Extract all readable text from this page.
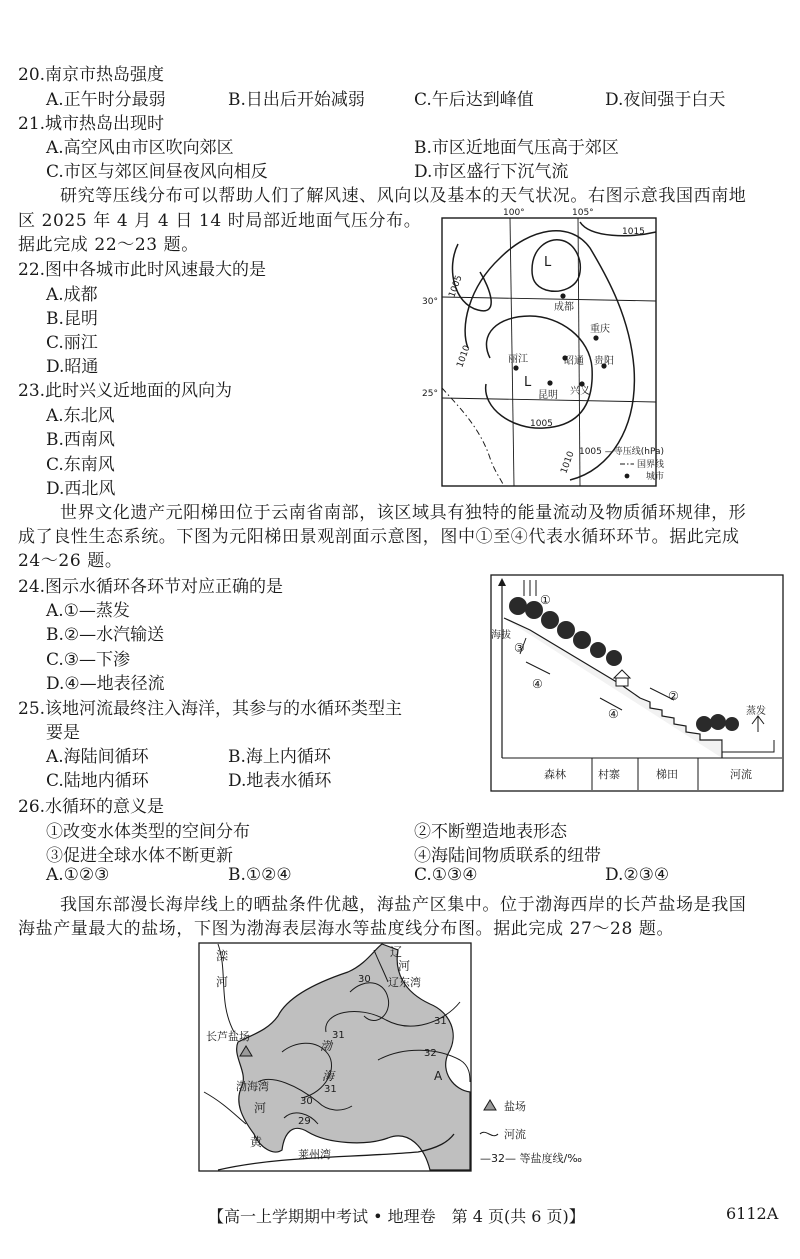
20.南京市热岛强度
A.正午时分最弱	B.日出后开始减弱	C.午后达到峰值	D.夜间强于白天
21.城市热岛出现时
A.高空风由市区吹向郊区	B.市区近地面气压高于郊区
C.市区与郊区间昼夜风向相反	D.市区盛行下沉气流
研究等压线分布可以帮助人们了解风速、风向以及基本的天气状况。右图示意我国西南地
区 2025 年 4 月 4 日 14 时局部近地面气压分布。
据此完成 22～23 题。
22.图中各城市此时风速最大的是
A.成都
B.昆明
C.丽江
D.昭通
23.此时兴义近地面的风向为
A.东北风
B.西南风
C.东南风
D.西北风
100°	105°
30°
25°
L
L
1015
1005
1010
1005
1010
成都
重庆
丽江	昭通 贵阳
昆明 兴义
1005 —等压线(hPa)
国界线
城市
世界文化遗产元阳梯田位于云南省南部，该区域具有独特的能量流动及物质循环规律，形
成了良性生态系统。下图为元阳梯田景观剖面示意图，图中①至④代表水循环环节。据此完成
24～26 题。
24.图示水循环各环节对应正确的是
A.①—蒸发
B.②—水汽输送
C.③—下渗
D.④—地表径流
25.该地河流最终注入海洋，其参与的水循环类型主
要是
A.海陆间循环	B.海上内循环
C.陆地内循环	D.地表水循环
海拔
①
③
④
②
④	蒸发
森林	村寨	梯田	河流
26.水循环的意义是
①改变水体类型的空间分布	②不断塑造地表形态
③促进全球水体不断更新	④海陆间物质联系的纽带
A.①②③	B.①②④	C.①③④	D.②③④
我国东部漫长海岸线上的晒盐条件优越，海盐产区集中。位于渤海西岸的长芦盐场是我国
海盐产量最大的盐场，下图为渤海表层海水等盐度线分布图。据此完成 27～28 题。
滦
河
辽
河
辽东湾
长芦盐场
渤
渤海湾
海
河
黄
莱州湾
A
30
31
31
32
31
30
29
盐场
河流
—32— 等盐度线/‰
【高一上学期期中考试 • 地理卷　第 4 页(共 6 页)】	6112A
